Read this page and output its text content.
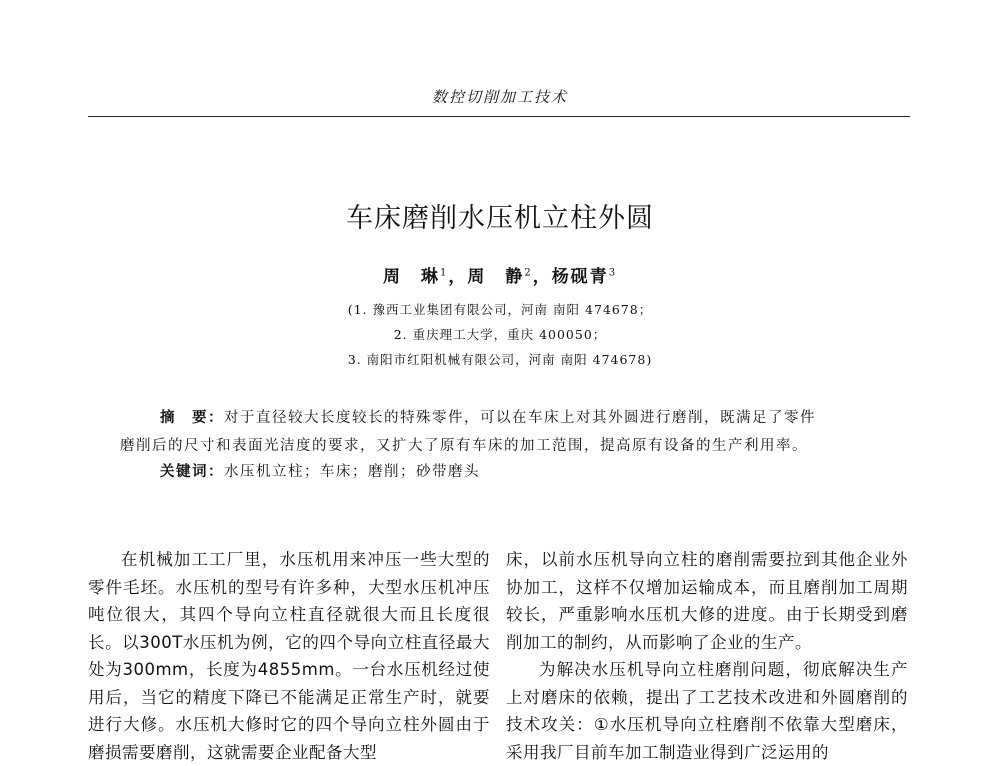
数控切削加工技术
车床磨削水压机立柱外圆
周　琳$^1$，周　静$^2$，杨砚青$^3$
(1. 豫西工业集团有限公司，河南 南阳 474678；
2. 重庆理工大学，重庆 400050；
3. 南阳市红阳机械有限公司，河南 南阳 474678)
摘　要：对于直径较大长度较长的特殊零件，可以在车床上对其外圆进行磨削，既满足了零件
磨削后的尺寸和表面光洁度的要求，又扩大了原有车床的加工范围，提高原有设备的生产利用率。
关键词：水压机立柱；车床；磨削；砂带磨头

在机械加工工厂里，水压机用来冲压一些大型的零件毛坯。水压机的型号有许多种，大型水压机冲压吨位很大，其四个导向立柱直径就很大而且长度很长。以300T水压机为例，它的四个导向立柱直径最大处为300mm，长度为4855mm。一台水压机经过使用后，当它的精度下降已不能满足正常生产时，就要进行大修。水压机大修时它的四个导向立柱外圆由于磨损需要磨削，这就需要企业配备大型

床，以前水压机导向立柱的磨削需要拉到其他企业外协加工，这样不仅增加运输成本，而且磨削加工周期较长，严重影响水压机大修的进度。由于长期受到磨削加工的制约，从而影响了企业的生产。

为解决水压机导向立柱磨削问题，彻底解决生产上对磨床的依赖，提出了工艺技术改进和外圆磨削的技术攻关：①水压机导向立柱磨削不依靠大型磨床，采用我厂目前车加工制造业得到广泛运用的
